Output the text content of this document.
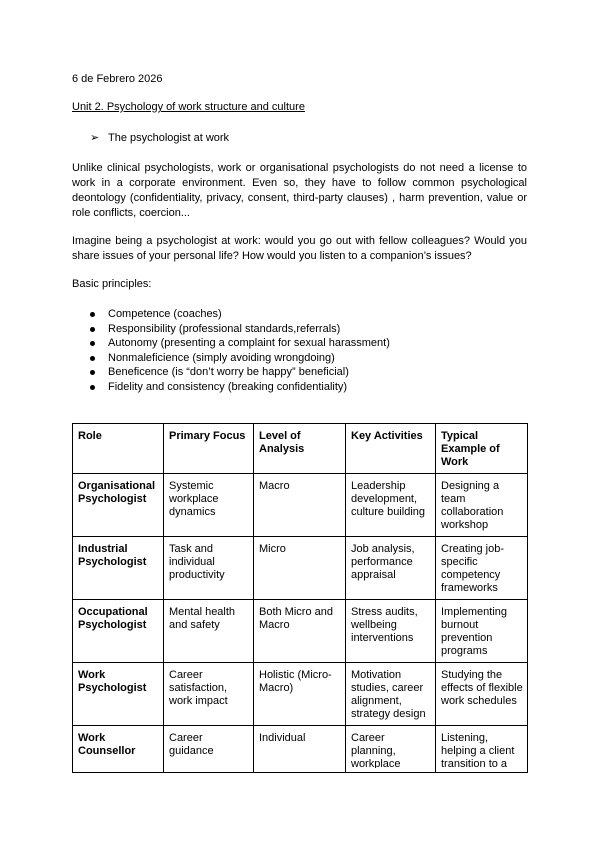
6 de Febrero 2026
Unit 2. Psychology of work structure and culture
➢ The psychologist at work
Unlike clinical psychologists, work or organisational psychologists do not need a license to work in a corporate environment. Even so, they have to follow common psychological deontology (confidentiality, privacy, consent, third-party clauses) , harm prevention, value or role conflicts, coercion...
Imagine being a psychologist at work: would you go out with fellow colleagues? Would you share issues of your personal life? How would you listen to a companion’s issues?
Basic principles:
Competence (coaches)
Responsibility (professional standards,referrals)
Autonomy (presenting a complaint for sexual harassment)
Nonmaleficience (simply avoiding wrongdoing)
Beneficence (is “don’t worry be happy” beneficial)
Fidelity and consistency (breaking confidentiality)
Role	Primary Focus	Level of Analysis	Key Activities	Typical Example of Work
Organisational Psychologist	Systemic workplace dynamics	Macro	Leadership development, culture building	Designing a team collaboration workshop
Industrial Psychologist	Task and individual productivity	Micro	Job analysis, performance appraisal	Creating job-specific competency frameworks
Occupational Psychologist	Mental health and safety	Both Micro and Macro	Stress audits, wellbeing interventions	Implementing burnout prevention programs
Work Psychologist	Career satisfaction, work impact	Holistic (Micro-Macro)	Motivation studies, career alignment, strategy design	Studying the effects of flexible work schedules

Work Counsellor	Career guidance	Individual	Career planning, workplace	Listening, helping a client transition to a
